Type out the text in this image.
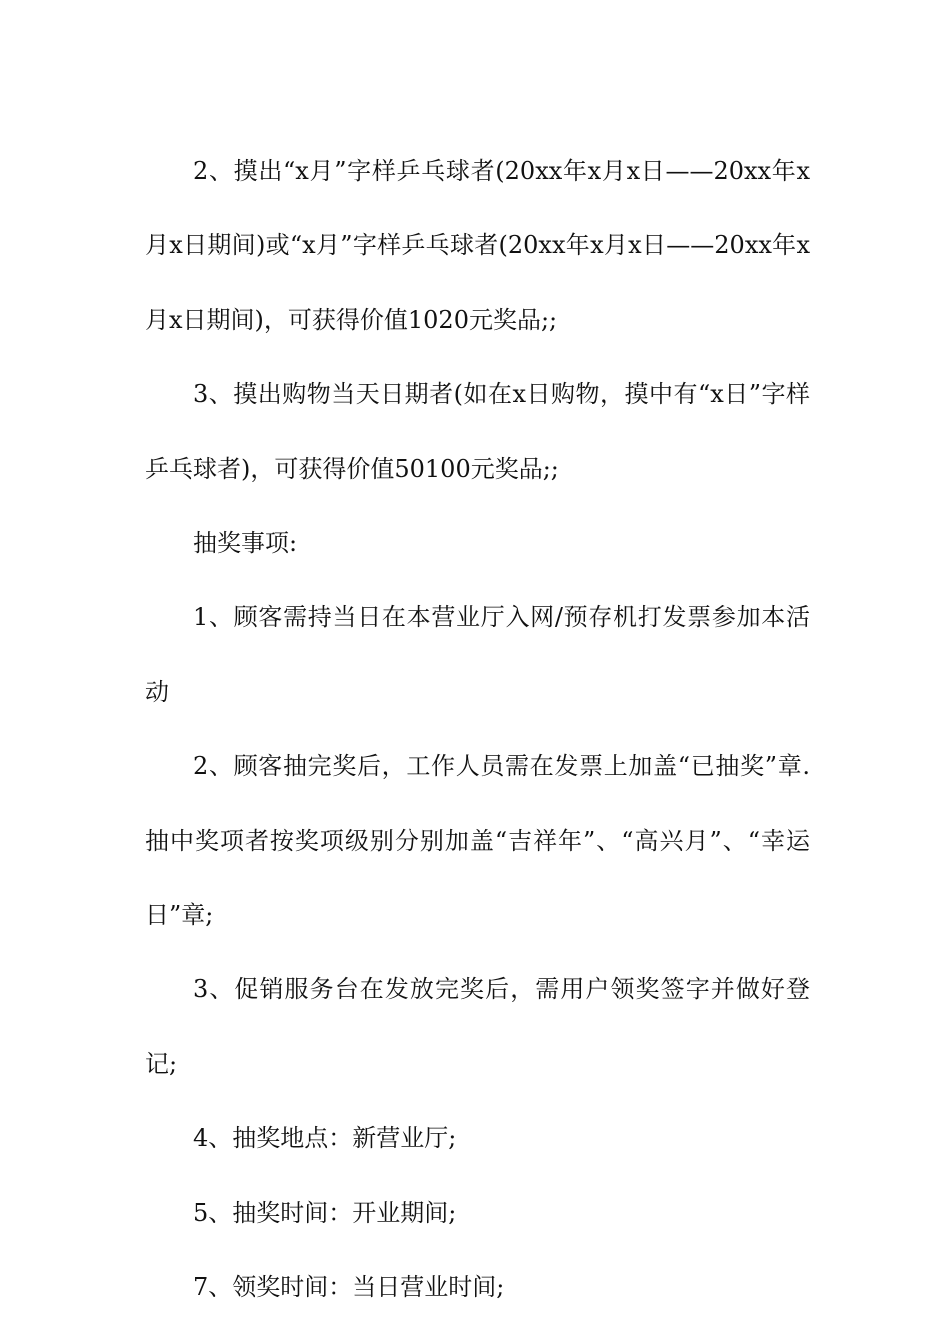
2、摸出“x月”字样乒乓球者(20xx年x月x日——20xx年x月x日期间)或“x月”字样乒乓球者(20xx年x月x日——20xx年x月x日期间)，可获得价值1020元奖品;;

3、摸出购物当天日期者(如在x日购物，摸中有“x日”字样乒乓球者)，可获得价值50100元奖品;;

抽奖事项:

1、顾客需持当日在本营业厅入网/预存机打发票参加本活动

2、顾客抽完奖后，工作人员需在发票上加盖“已抽奖”章.抽中奖项者按奖项级别分别加盖“吉祥年”、“高兴月”、“幸运日”章;

3、促销服务台在发放完奖后，需用户领奖签字并做好登记;

4、抽奖地点：新营业厅;

5、抽奖时间：开业期间;

7、领奖时间：当日营业时间;
